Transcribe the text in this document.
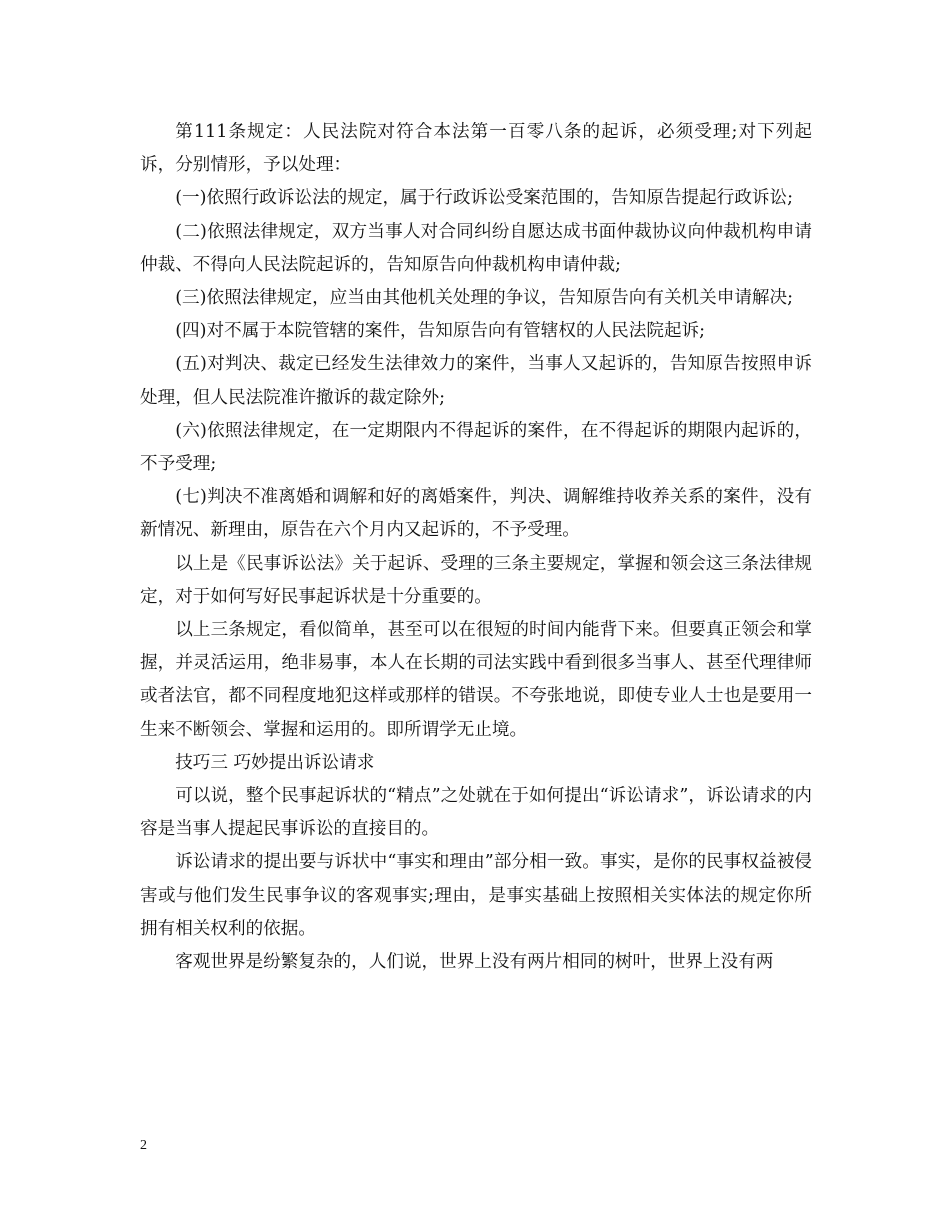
第111条规定：人民法院对符合本法第一百零八条的起诉，必须受理;对下列起诉，分别情形，予以处理：

(一)依照行政诉讼法的规定，属于行政诉讼受案范围的，告知原告提起行政诉讼;

(二)依照法律规定，双方当事人对合同纠纷自愿达成书面仲裁协议向仲裁机构申请仲裁、不得向人民法院起诉的，告知原告向仲裁机构申请仲裁;

(三)依照法律规定，应当由其他机关处理的争议，告知原告向有关机关申请解决;

(四)对不属于本院管辖的案件，告知原告向有管辖权的人民法院起诉;

(五)对判决、裁定已经发生法律效力的案件，当事人又起诉的，告知原告按照申诉处理，但人民法院准许撤诉的裁定除外;

(六)依照法律规定，在一定期限内不得起诉的案件，在不得起诉的期限内起诉的，不予受理;

(七)判决不准离婚和调解和好的离婚案件，判决、调解维持收养关系的案件，没有新情况、新理由，原告在六个月内又起诉的，不予受理。

以上是《民事诉讼法》关于起诉、受理的三条主要规定，掌握和领会这三条法律规定，对于如何写好民事起诉状是十分重要的。

以上三条规定，看似简单，甚至可以在很短的时间内能背下来。但要真正领会和掌握，并灵活运用，绝非易事，本人在长期的司法实践中看到很多当事人、甚至代理律师或者法官，都不同程度地犯这样或那样的错误。不夸张地说，即使专业人士也是要用一生来不断领会、掌握和运用的。即所谓学无止境。

技巧三 巧妙提出诉讼请求

可以说，整个民事起诉状的“精点”之处就在于如何提出“诉讼请求”，诉讼请求的内容是当事人提起民事诉讼的直接目的。

诉讼请求的提出要与诉状中“事实和理由”部分相一致。事实，是你的民事权益被侵害或与他们发生民事争议的客观事实;理由，是事实基础上按照相关实体法的规定你所拥有相关权利的依据。

客观世界是纷繁复杂的，人们说，世界上没有两片相同的树叶，世界上没有两

2
